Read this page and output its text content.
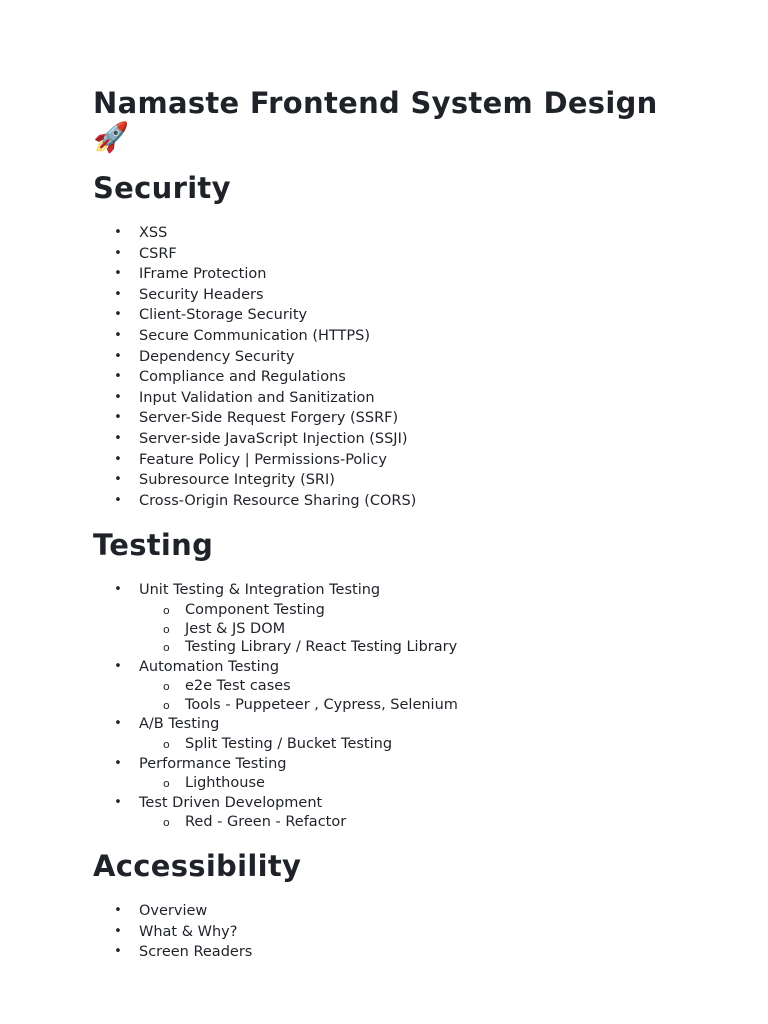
Namaste Frontend System Design 🚀
Security
• XSS
• CSRF
• IFrame Protection
• Security Headers
• Client-Storage Security
• Secure Communication (HTTPS)
• Dependency Security
• Compliance and Regulations
• Input Validation and Sanitization
• Server-Side Request Forgery (SSRF)
• Server-side JavaScript Injection (SSJI)
• Feature Policy | Permissions-Policy
• Subresource Integrity (SRI)
• Cross-Origin Resource Sharing (CORS)
Testing
• Unit Testing & Integration Testing
o Component Testing
o Jest & JS DOM
o Testing Library / React Testing Library
• Automation Testing
o e2e Test cases
o Tools - Puppeteer , Cypress, Selenium
• A/B Testing
o Split Testing / Bucket Testing
• Performance Testing
o Lighthouse
• Test Driven Development
o Red - Green - Refactor
Accessibility
• Overview
• What & Why?
• Screen Readers
